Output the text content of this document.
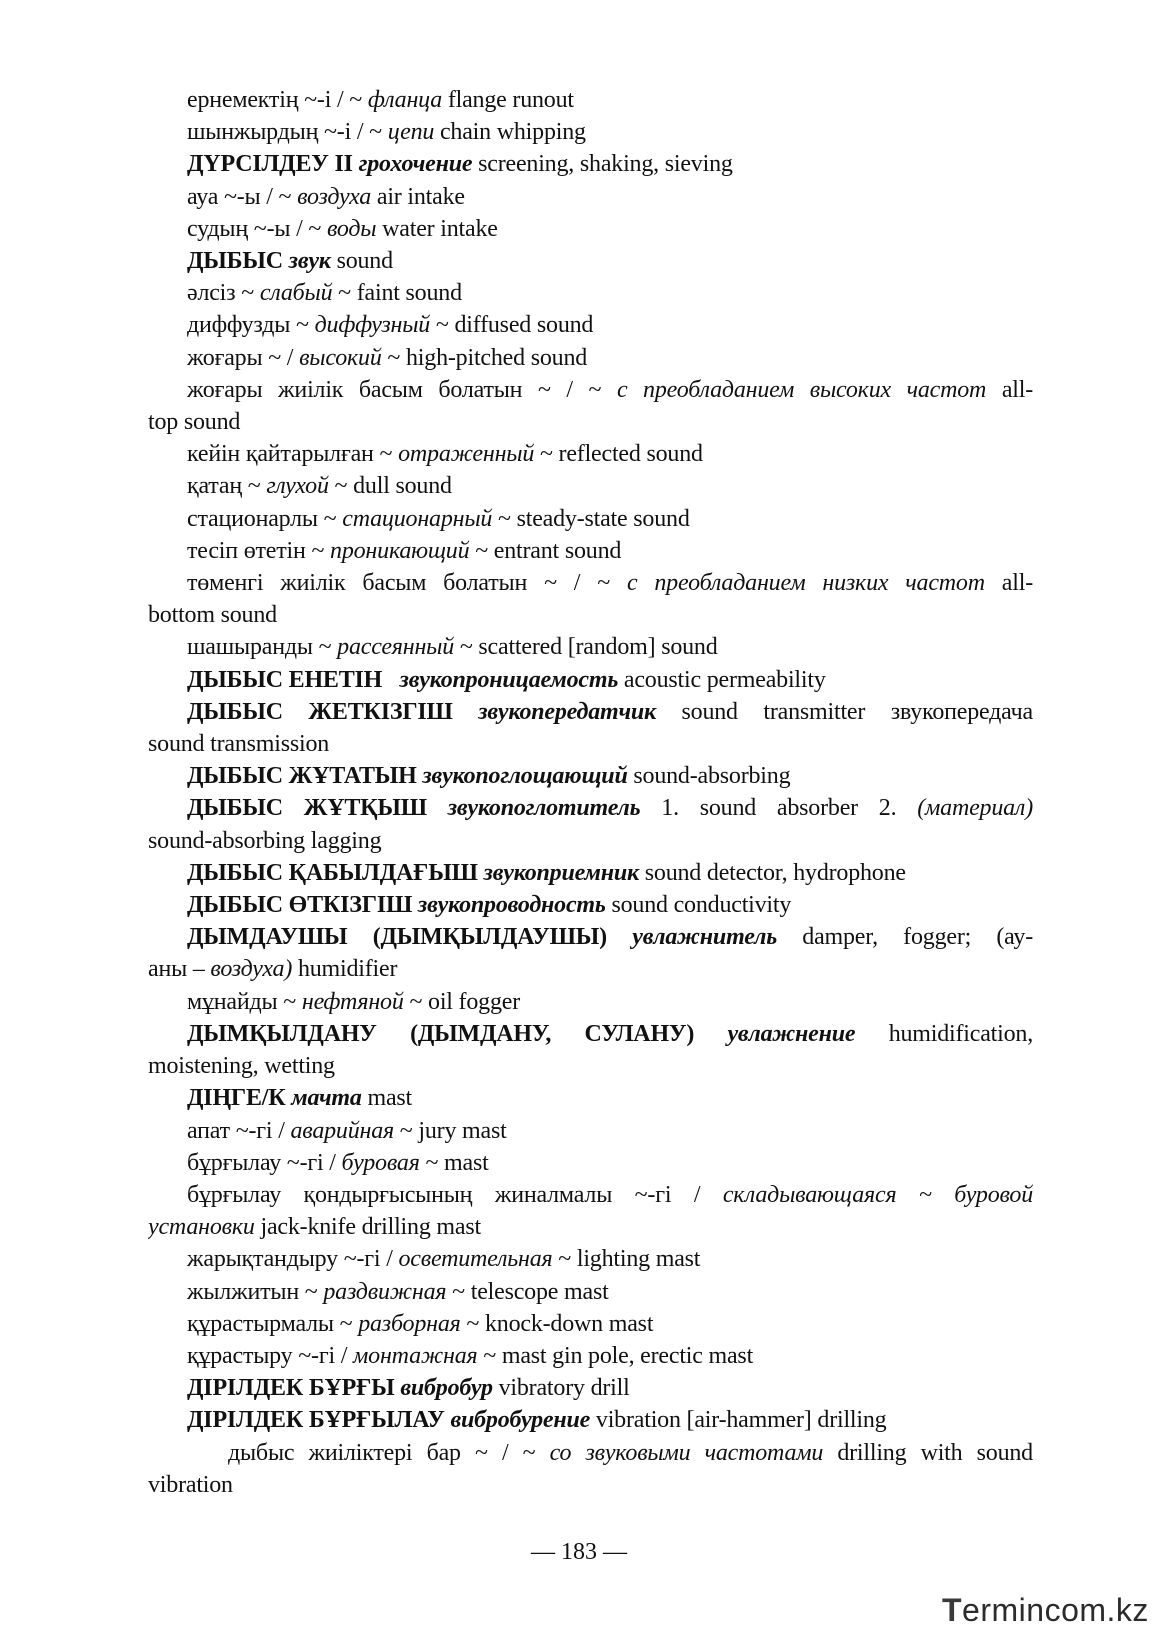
ернемектің ~-і / ~ фланца flange runout
шынжырдың ~-і / ~ цепи chain whipping
ДҮРСІЛДЕУ ІІ грохочение screening, shaking, sieving
ауа ~-ы / ~ воздуха air intake
судың ~-ы / ~ воды water intake
ДЫБЫС звук sound
әлсіз ~ слабый ~ faint sound
диффузды ~ диффузный ~ diffused sound
жоғары ~ / высокий ~ high-pitched sound
жоғары жиілік басым болатын ~ / ~ с преобладанием высоких частот all-
top sound
кейін қайтарылған ~ отраженный ~ reflected sound
қатаң ~ глухой ~ dull sound
стационарлы ~ стационарный ~ steady-state sound
тесіп өтетін ~ проникающий ~ entrant sound
төменгі жиілік басым болатын ~ / ~ с преобладанием низких частот all-
bottom sound
шашыранды ~ рассеянный ~ scattered [random] sound
ДЫБЫС ЕНЕТІН   звукопроницаемость acoustic permeability
ДЫБЫС ЖЕТКІЗГІШ звукопередатчик sound transmitter звукопередача
sound transmission
ДЫБЫС ЖҰТАТЫН звукопоглощающий sound-absorbing
ДЫБЫС ЖҰТҚЫШ звукопоглотитель 1. sound absorber 2. (материал)
sound-absorbing lagging
ДЫБЫС ҚАБЫЛДАҒЫШ звукоприемник sound detector, hydrophone
ДЫБЫС ӨТКІЗГІШ звукопроводность sound conductivity
ДЫМДАУШЫ (ДЫМҚЫЛДАУШЫ) увлажнитель damper, fogger; (ау-
аны – воздуха) humidifier
мұнайды ~ нефтяной ~ oil fogger
ДЫМҚЫЛДАНУ (ДЫМДАНУ, СУЛАНУ) увлажнение humidification,
moistening, wetting
ДІҢГЕ/К мачта mast
апат ~-гі / аварийная ~ jury mast
бұрғылау ~-гі / буровая ~ mast
бұрғылау қондырғысының жиналмалы ~-гі / складывающаяся ~ буровой
установки jack-knife drilling mast
жарықтандыру ~-гі / осветительная ~ lighting mast
жылжитын ~ раздвижная ~ telescope mast
құрастырмалы ~ разборная ~ knock-down mast
құрастыру ~-гі / монтажная ~ mast gin pole, erectic mast
ДІРІЛДЕК БҰРҒЫ вибробур vibratory drill
ДІРІЛДЕК БҰРҒЫЛАУ вибробурение vibration [air-hammer] drilling
дыбыс жиіліктері бар ~ / ~ со звуковыми частотами drilling with sound
vibration
— 183 —
Termincom.kz
